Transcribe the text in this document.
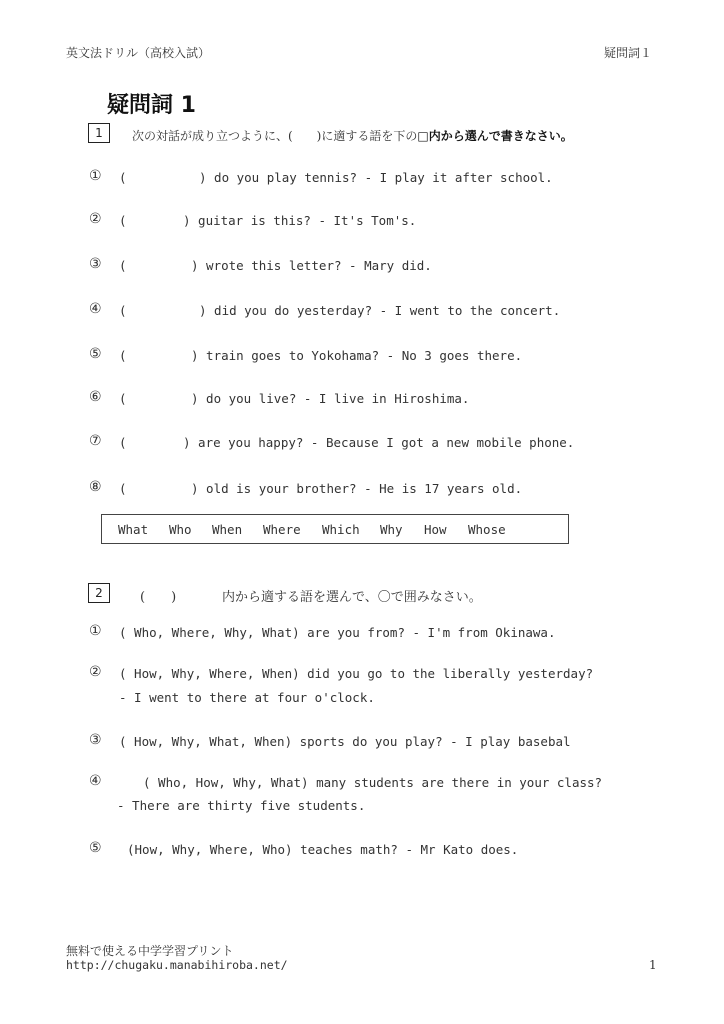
英文法ドリル（高校入試）	疑問詞１
疑問詞 1
1	次の対話が成り立つように、(　　)に適する語を下の□内から選んで書きなさい。
① (	) do you play tennis? - I play it after school.
② (	) guitar is this? - It's Tom's.
③ (	) wrote this letter? - Mary did.
④ (	) did you do yesterday? - I went to the concert.
⑤ (	) train goes to Yokohama? - No 3 goes there.
⑥ (	) do you live? - I live in Hiroshima.
⑦ (	) are you happy? - Because I got a new mobile phone.
⑧ (	) old is your brother? - He is 17 years old.
What Who When Where Which Why How Whose
2	(　　)	内から適する語を選んで、〇で囲みなさい。
① ( Who, Where, Why, What) are you from? - I'm from Okinawa.
② ( How, Why, Where, When) did you go to the liberally yesterday?
- I went to there at four o'clock.
③ ( How, Why, What, When) sports do you play? - I play basebal
④	( Who, How, Why, What) many students are there in your class?
- There are thirty five students.
⑤ (How, Why, Where, Who) teaches math? - Mr Kato does.
無料で使える中学学習プリント
http://chugaku.manabihiroba.net/	1
